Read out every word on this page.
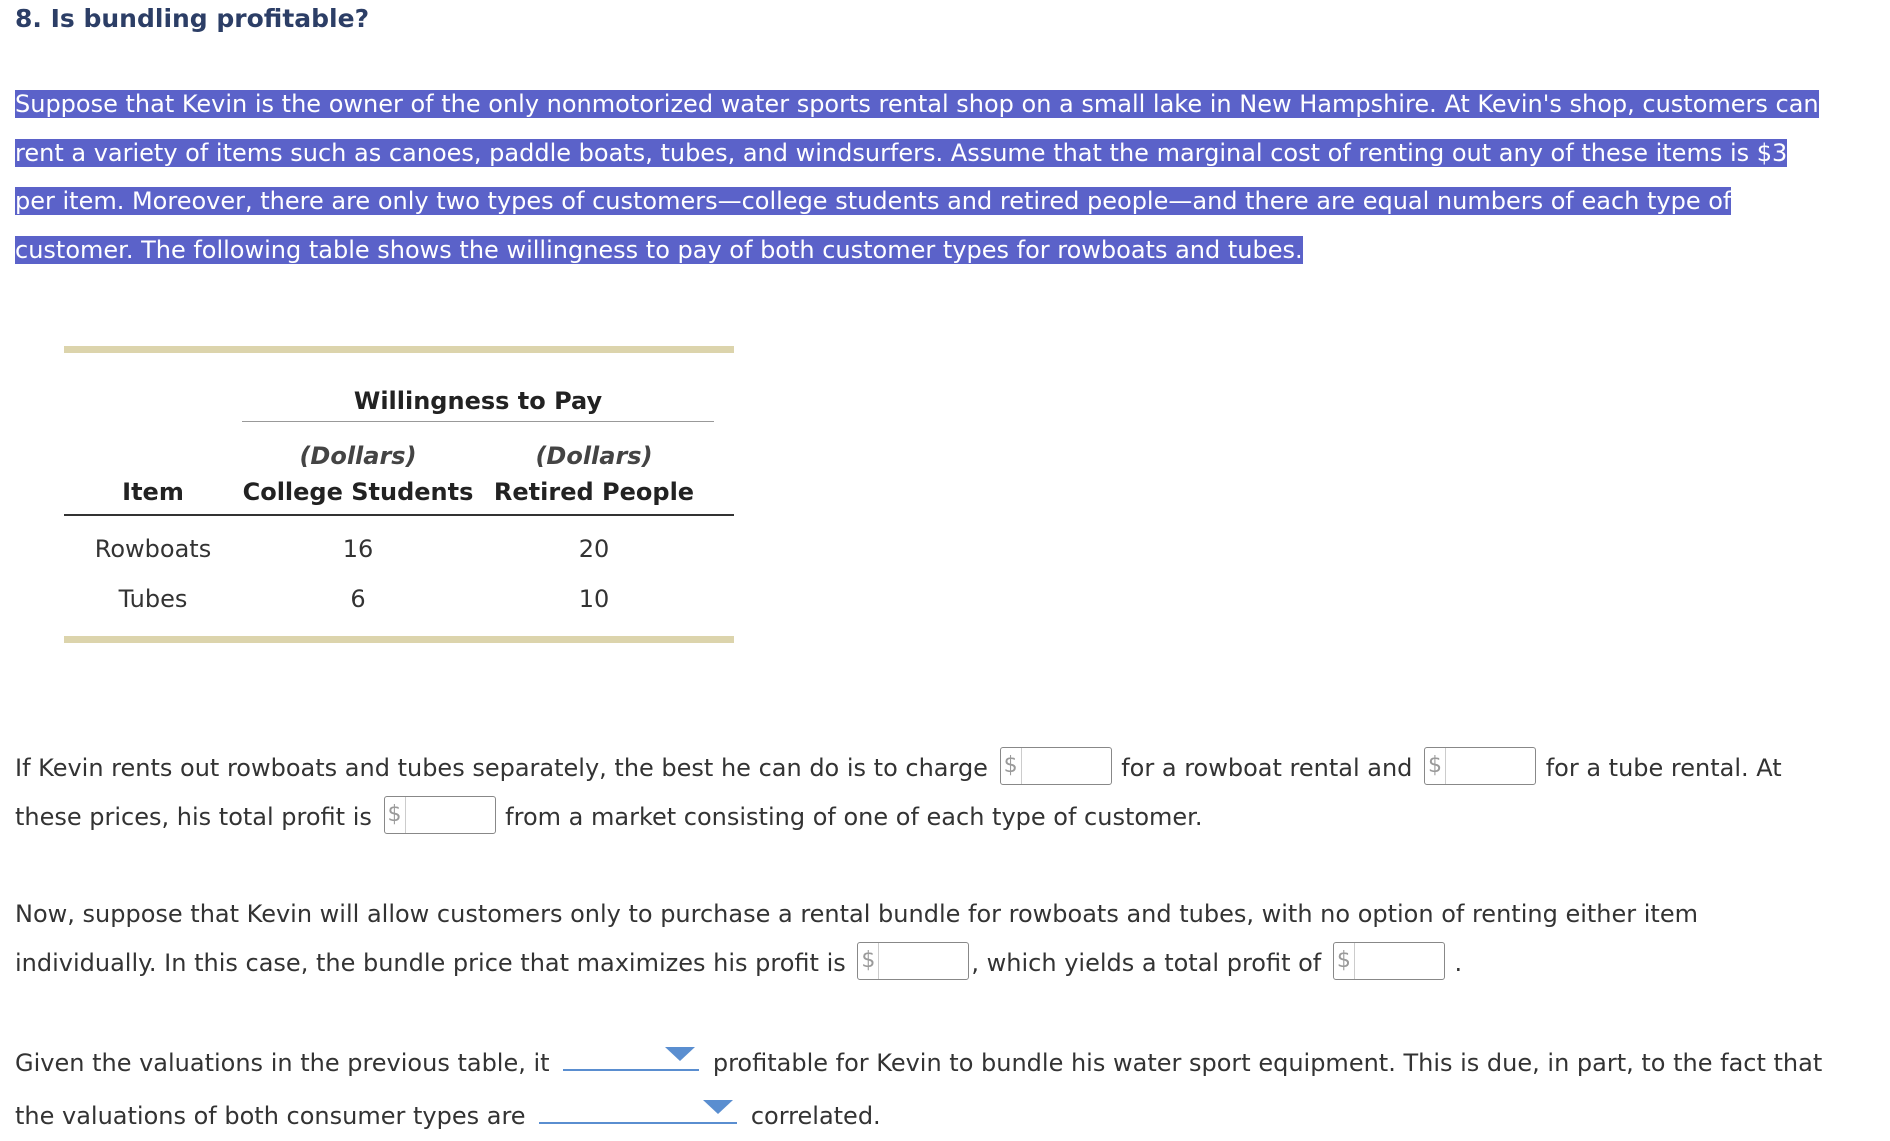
8. Is bundling profitable?

Suppose that Kevin is the owner of the only nonmotorized water sports rental shop on a small lake in New Hampshire. At Kevin's shop, customers can
rent a variety of items such as canoes, paddle boats, tubes, and windsurfers. Assume that the marginal cost of renting out any of these items is $3
per item. Moreover, there are only two types of customers—college students and retired people—and there are equal numbers of each type of
customer. The following table shows the willingness to pay of both customer types for rowboats and tubes.

	Willingness to Pay		
	(Dollars)	(Dollars)	
Item	College Students	Retired People	
Rowboats	16	20	
Tubes	6	10	

If Kevin rents out rowboats and tubes separately, the best he can do is to charge $	for a rowboat rental and $	for a tube rental. At
these prices, his total profit is $	from a market consisting of one of each type of customer.

Now, suppose that Kevin will allow customers only to purchase a rental bundle for rowboats and tubes, with no option of renting either item
individually. In this case, the bundle price that maximizes his profit is $	, which yields a total profit of $	.

Given the valuations in the previous table, it	profitable for Kevin to bundle his water sport equipment. This is due, in part, to the fact that
the valuations of both consumer types are	correlated.
